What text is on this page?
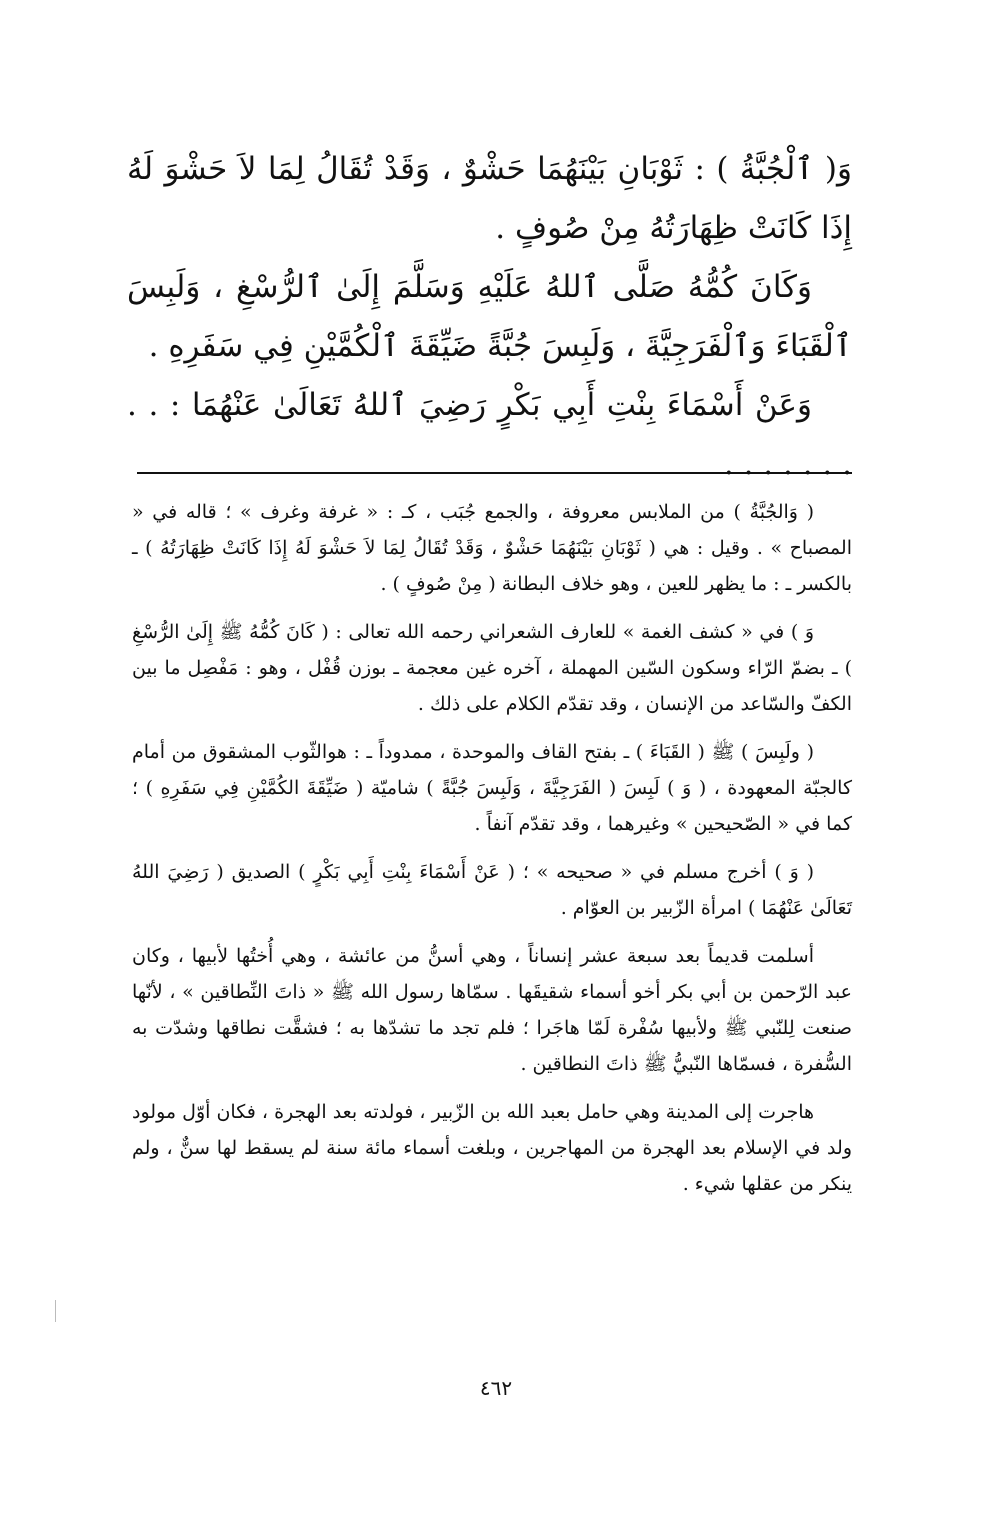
وَ( ٱلْجُبَّةُ ) : ثَوْبَانِ بَيْنَهُمَا حَشْوٌ ، وَقَدْ تُقَالُ لِمَا لاَ حَشْوَ لَهُ إِذَا كَانَتْ ظِهَارَتُهُ مِنْ صُوفٍ .

وَكَانَ كُمُّهُ صَلَّى ٱللهُ عَلَيْهِ وَسَلَّمَ إِلَىٰ ٱلرُّسْغِ ، وَلَبِسَ ٱلْقَبَاءَ وَٱلْفَرَجِيَّةَ ، وَلَبِسَ جُبَّةً ضَيِّقَةَ ٱلْكُمَّيْنِ فِي سَفَرِهِ .

وَعَنْ أَسْمَاءَ بِنْتِ أَبِي بَكْرٍ رَضِيَ ٱللهُ تَعَالَىٰ عَنْهُمَا : . . . . . . . . .

( وَالجُبَّةُ ) من الملابس معروفة ، والجمع جُبَب ، كـ : « غرفة وغرف » ؛ قاله في « المصباح » . وقيل : هي ( ثَوْبَانِ بَيْنَهُمَا حَشْوٌ ، وَقَدْ تُقَالُ لِمَا لاَ حَشْوَ لَهُ إِذَا كَانَتْ ظِهَارَتُهُ ) ـ بالكسر ـ : ما يظهر للعين ، وهو خلاف البطانة ( مِنْ صُوفٍ ) .

وَ ) في « كشف الغمة » للعارف الشعراني رحمه الله تعالى : ( كَانَ كُمُّهُ ﷺ إِلَىٰ الرُّسْغِ ) ـ بضمّ الرّاء وسكون السّين المهملة ، آخره غين معجمة ـ بوزن قُفْل ، وهو : مَفْصِل ما بين الكفّ والسّاعد من الإنسان ، وقد تقدّم الكلام على ذلك .

( ولَبِسَ ) ﷺ ( القَبَاءَ ) ـ بفتح القاف والموحدة ، ممدوداً ـ : هوالثّوب المشقوق من أمام كالجبّة المعهودة ، ( وَ ) لَبِسَ ( الفَرَجِيَّةَ ، وَلَبِسَ جُبَّةً ) شاميّة ( ضَيِّقَةَ الكُمَّيْنِ فِي سَفَرِهِ ) ؛ كما في « الصّحيحين » وغيرهما ، وقد تقدّم آنفاً .

( وَ ) أخرج مسلم في « صحيحه » ؛ ( عَنْ أَسْمَاءَ بِنْتِ أَبِي بَكْرٍ ) الصديق ( رَضِيَ اللهُ تَعَالَىٰ عَنْهُمَا ) امرأة الزّبير بن العوّام .

أسلمت قديماً بعد سبعة عشر إنساناً ، وهي أسنُّ من عائشة ، وهي أُختُها لأبيها ، وكان عبد الرّحمن بن أبي بكر أخو أسماء شقيقَها . سمّاها رسول الله ﷺ « ذاتَ النِّطاقين » ، لأنّها صنعت لِلنّبي ﷺ ولأبيها سُفْرة لَمّا هاجَرا ؛ فلم تجد ما تشدّها به ؛ فشقَّت نطاقها وشدّت به السُّفرة ، فسمّاها النّبيُّ ﷺ ذاتَ النطاقين .

هاجرت إلى المدينة وهي حامل بعبد الله بن الزّبير ، فولدته بعد الهجرة ، فكان أوّل مولود ولد في الإسلام بعد الهجرة من المهاجرين ، وبلغت أسماء مائة سنة لم يسقط لها سنٌّ ، ولم ينكر من عقلها شيء .

٤٦٢
